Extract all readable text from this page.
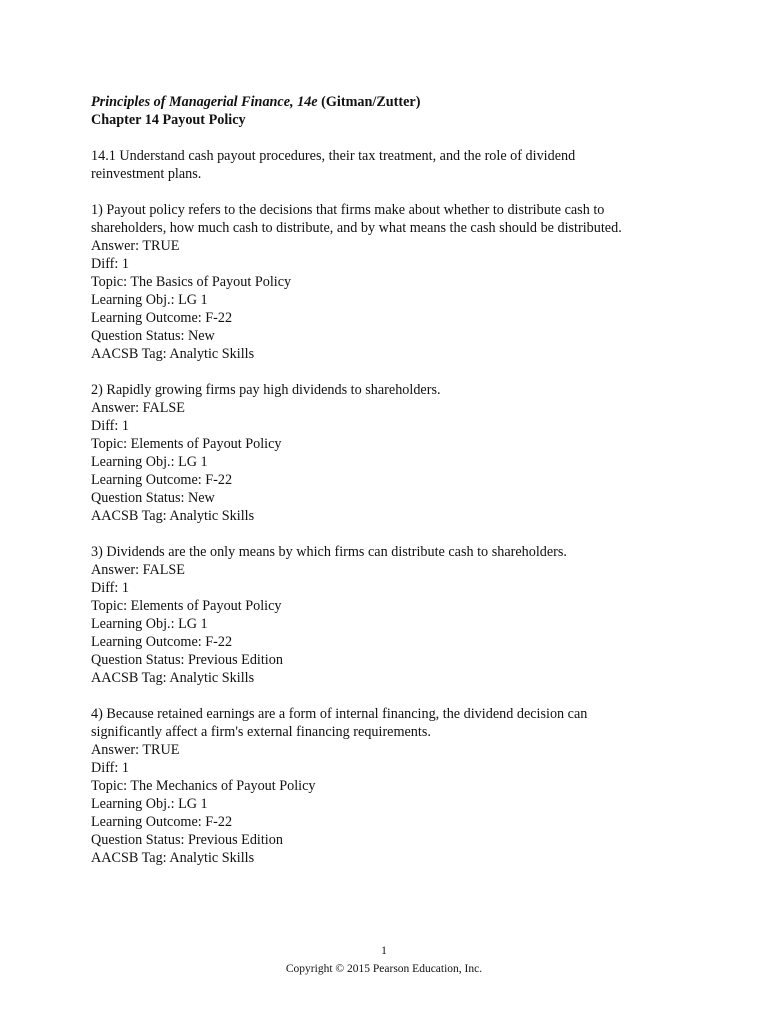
Principles of Managerial Finance, 14e (Gitman/Zutter)
Chapter 14 Payout Policy
14.1 Understand cash payout procedures, their tax treatment, and the role of dividend
reinvestment plans.
1) Payout policy refers to the decisions that firms make about whether to distribute cash to
shareholders, how much cash to distribute, and by what means the cash should be distributed.
Answer: TRUE
Diff: 1
Topic: The Basics of Payout Policy
Learning Obj.: LG 1
Learning Outcome: F-22
Question Status: New
AACSB Tag: Analytic Skills
2) Rapidly growing firms pay high dividends to shareholders.
Answer: FALSE
Diff: 1
Topic: Elements of Payout Policy
Learning Obj.: LG 1
Learning Outcome: F-22
Question Status: New
AACSB Tag: Analytic Skills
3) Dividends are the only means by which firms can distribute cash to shareholders.
Answer: FALSE
Diff: 1
Topic: Elements of Payout Policy
Learning Obj.: LG 1
Learning Outcome: F-22
Question Status: Previous Edition
AACSB Tag: Analytic Skills
4) Because retained earnings are a form of internal financing, the dividend decision can
significantly affect a firm's external financing requirements.
Answer: TRUE
Diff: 1
Topic: The Mechanics of Payout Policy
Learning Obj.: LG 1
Learning Outcome: F-22
Question Status: Previous Edition
AACSB Tag: Analytic Skills
1
Copyright © 2015 Pearson Education, Inc.
